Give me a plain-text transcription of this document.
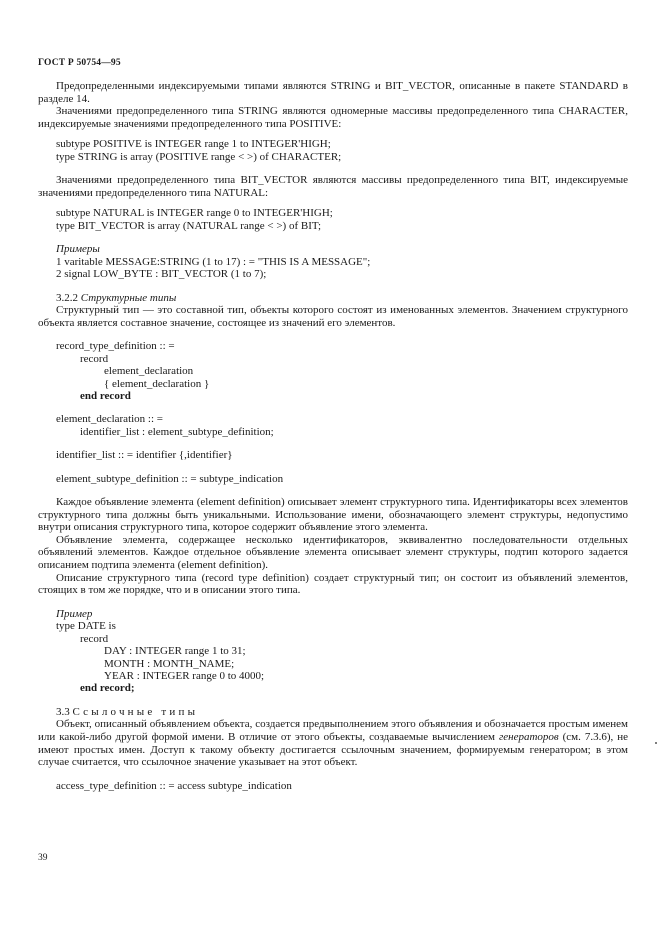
ГОСТ Р 50754—95

Предопределенными индексируемыми типами являются STRING и BIT_VECTOR, описанные в пакете STANDARD в разделе 14.

Значениями предопределенного типа STRING являются одномерные массивы предопределенного типа CHARACTER, индексируемые значениями предопределенного типа POSITIVE:

subtype POSITIVE is INTEGER range 1 to INTEGER'HIGH;
type STRING is array (POSITIVE range < >) of CHARACTER;

Значениями предопределенного типа BIT_VECTOR являются массивы предопределенного типа BIT, индексируемые значениями предопределенного типа NATURAL:

subtype NATURAL is INTEGER range 0 to INTEGER'HIGH;
type BIT_VECTOR is array (NATURAL range < >) of BIT;
Примеры
1 varitable MESSAGE:STRING (1 to 17) : = "THIS IS A MESSAGE";
2 signal LOW_BYTE : BIT_VECTOR (1 to 7);
3.2.2 Структурные типы

Структурный тип — это составной тип, объекты которого состоят из именованных элементов. Значением структурного объекта является составное значение, состоящее из значений его элементов.

record_type_definition :: =
record
element_declaration
{ element_declaration }
end record
element_declaration :: =
identifier_list : element_subtype_definition;
identifier_list :: = identifier {,identifier}
element_subtype_definition :: = subtype_indication

Каждое объявление элемента (element definition) описывает элемент структурного типа. Идентификаторы всех элементов структурного типа должны быть уникальными. Использование имени, обозначающего элемент структуры, недопустимо внутри описания структурного типа, которое содержит объявление этого элемента.

Объявление элемента, содержащее несколько идентификаторов, эквивалентно последовательности отдельных объявлений элементов. Каждое отдельное объявление элемента описывает элемент структуры, подтип которого задается описанием подтипа элемента (element definition).

Описание структурного типа (record type definition) создает структурный тип; он состоит из объявлений элементов, стоящих в том же порядке, что и в описании этого типа.

Пример
type DATE is
record
DAY : INTEGER range 1 to 31;
MONTH : MONTH_NAME;
YEAR : INTEGER range 0 to 4000;
end record;
3.3 Ссылочные типы

Объект, описанный объявлением объекта, создается предвыполнением этого объявления и обозначается простым именем или какой-либо другой формой имени. В отличие от этого объекты, создаваемые вычислением генераторов (см. 7.3.6), не имеют простых имен. Доступ к такому объекту достигается ссылочным значением, формируемым генератором; в этом случае считается, что ссылочное значение указывает на этот объект.

access_type_definition :: = access subtype_indication
39
